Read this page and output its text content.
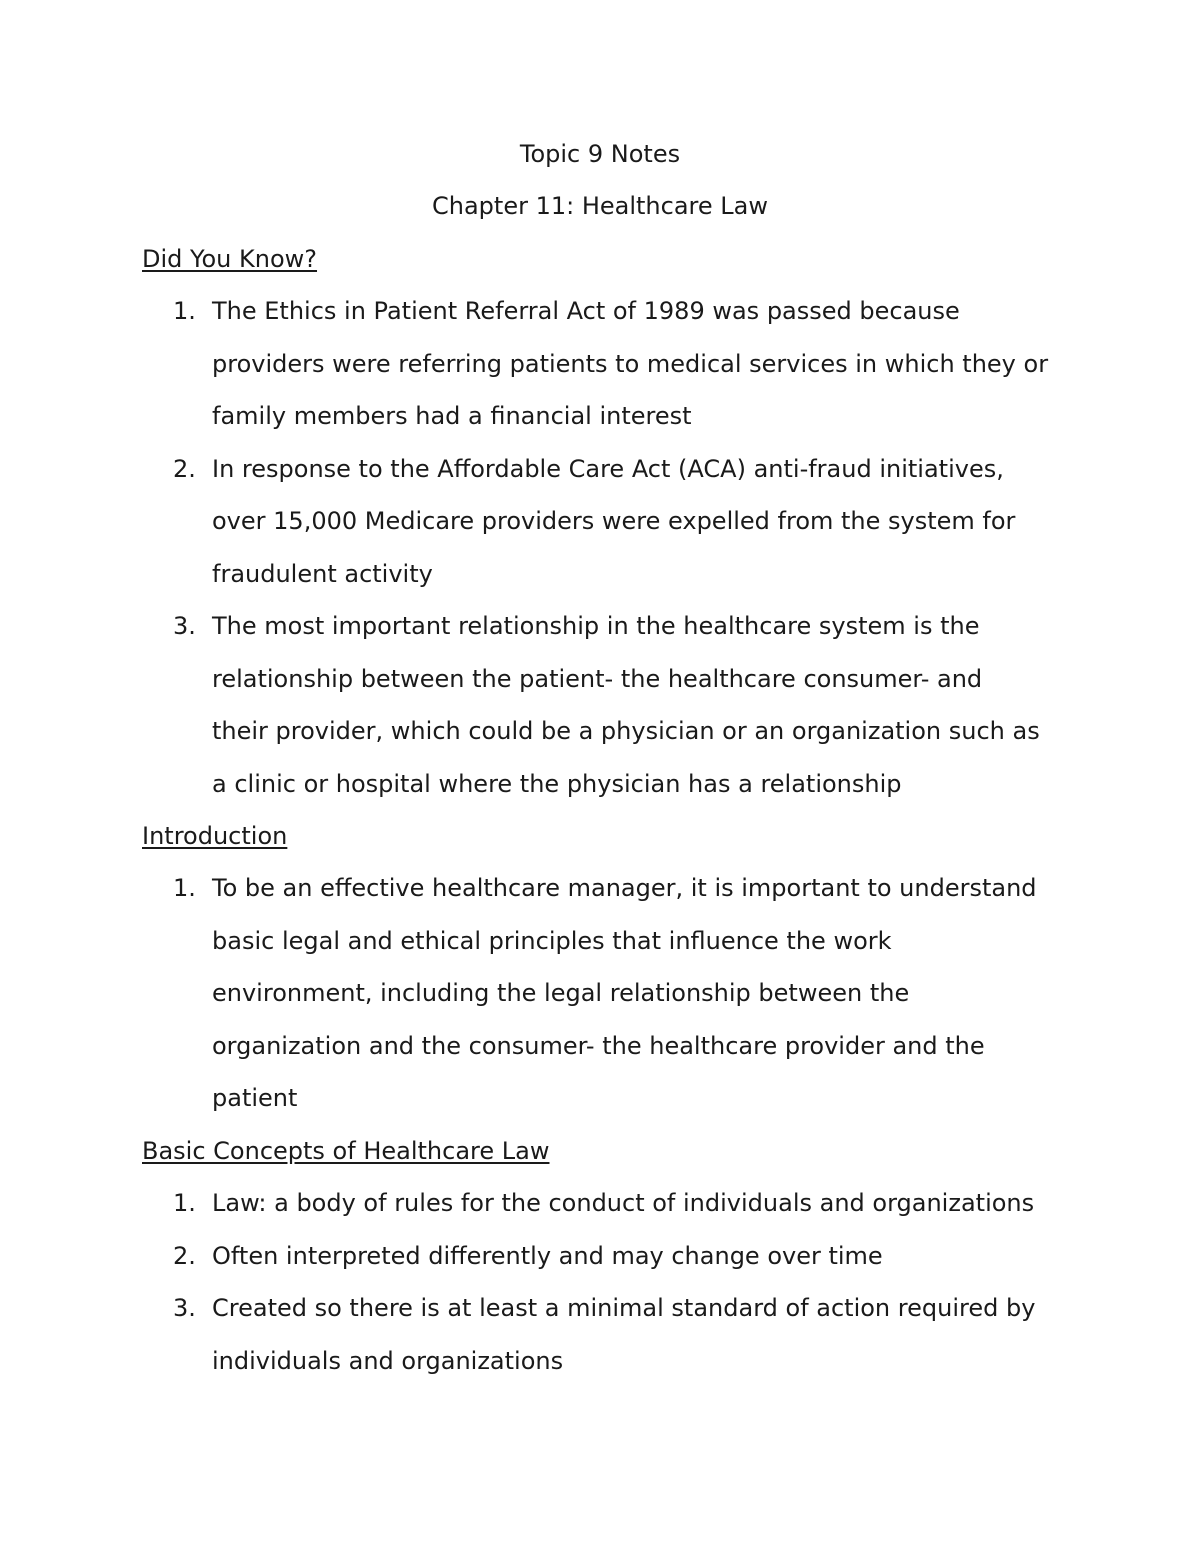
Topic 9 Notes
Chapter 11: Healthcare Law
Did You Know?
1. The Ethics in Patient Referral Act of 1989 was passed because
providers were referring patients to medical services in which they or
family members had a financial interest
2. In response to the Affordable Care Act (ACA) anti-fraud initiatives,
over 15,000 Medicare providers were expelled from the system for
fraudulent activity
3. The most important relationship in the healthcare system is the
relationship between the patient- the healthcare consumer- and
their provider, which could be a physician or an organization such as
a clinic or hospital where the physician has a relationship
Introduction
1. To be an effective healthcare manager, it is important to understand
basic legal and ethical principles that influence the work
environment, including the legal relationship between the
organization and the consumer- the healthcare provider and the
patient
Basic Concepts of Healthcare Law
1. Law: a body of rules for the conduct of individuals and organizations
2. Often interpreted differently and may change over time
3. Created so there is at least a minimal standard of action required by
individuals and organizations
